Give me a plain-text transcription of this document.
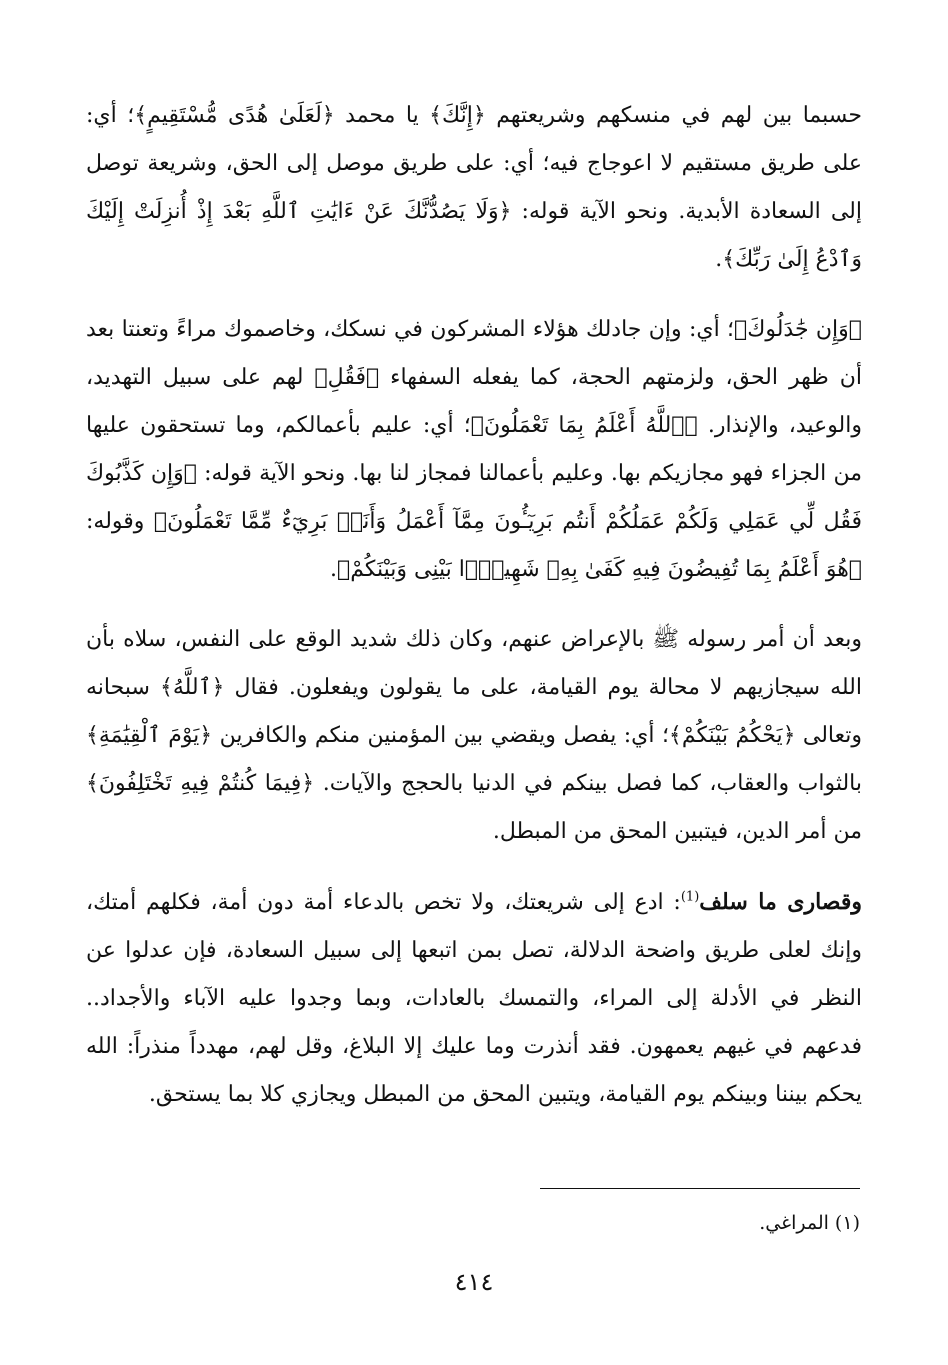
حسبما بين لهم في منسكهم وشريعتهم ﴿إِنَّكَ﴾ يا محمد ﴿لَعَلَىٰ هُدًى مُّسْتَقِيمٍ﴾؛ أي: على طريق مستقيم لا اعوجاج فيه؛ أي: على طريق موصل إلى الحق، وشريعة توصل إلى السعادة الأبدية. ونحو الآية قوله: ﴿وَلَا يَصُدُّنَّكَ عَنْ ءَايَٰتِ ٱللَّهِ بَعْدَ إِذْ أُنزِلَتْ إِلَيْكَ وَٱدْعُ إِلَىٰ رَبِّكَ﴾.

﴿وَإِن جَٰدَلُوكَ﴾؛ أي: وإن جادلك هؤلاء المشركون في نسكك، وخاصموك مراءً وتعنتا بعد أن ظهر الحق، ولزمتهم الحجة، كما يفعله السفهاء ﴿فَقُلِ﴾ لهم على سبيل التهديد، والوعيد، والإنذار. ﴿ٱللَّهُ أَعْلَمُ بِمَا تَعْمَلُونَ﴾؛ أي: عليم بأعمالكم، وما تستحقون عليها من الجزاء فهو مجازيكم بها. وعليم بأعمالنا فمجاز لنا بها. ونحو الآية قوله: ﴿وَإِن كَذَّبُوكَ فَقُل لِّي عَمَلِي وَلَكُمْ عَمَلُكُمْ أَنتُم بَرِيٓـُٔونَ مِمَّآ أَعْمَلُ وَأَنَا۠ بَرِيٓءٌ مِّمَّا تَعْمَلُونَ﴾ وقوله: ﴿هُوَ أَعْلَمُ بِمَا تُفِيضُونَ فِيهِ كَفَىٰ بِهِۦ شَهِيدًۢا بَيْنِى وَبَيْنَكُمْ﴾.

وبعد أن أمر رسوله ﷺ بالإعراض عنهم، وكان ذلك شديد الوقع على النفس، سلاه بأن الله سيجازيهم لا محالة يوم القيامة، على ما يقولون ويفعلون. فقال ﴿ٱللَّهُ﴾ سبحانه وتعالى ﴿يَحْكُمُ بَيْنَكُمْ﴾؛ أي: يفصل ويقضي بين المؤمنين منكم والكافرين ﴿يَوْمَ ٱلْقِيَٰمَةِ﴾ بالثواب والعقاب، كما فصل بينكم في الدنيا بالحجج والآيات. ﴿فِيمَا كُنتُمْ فِيهِ تَخْتَلِفُونَ﴾ من أمر الدين، فيتبين المحق من المبطل.

وقصارى ما سلف$^{(1)}$: ادع إلى شريعتك، ولا تخص بالدعاء أمة دون أمة، فكلهم أمتك، وإنك لعلى طريق واضحة الدلالة، تصل بمن اتبعها إلى سبيل السعادة، فإن عدلوا عن النظر في الأدلة إلى المراء، والتمسك بالعادات، وبما وجدوا عليه الآباء والأجداد.. فدعهم في غيهم يعمهون. فقد أنذرت وما عليك إلا البلاغ، وقل لهم، مهدداً منذراً: الله يحكم بيننا وبينكم يوم القيامة، ويتبين المحق من المبطل ويجازي كلا بما يستحق.

(١) المراغي.

٤١٤
